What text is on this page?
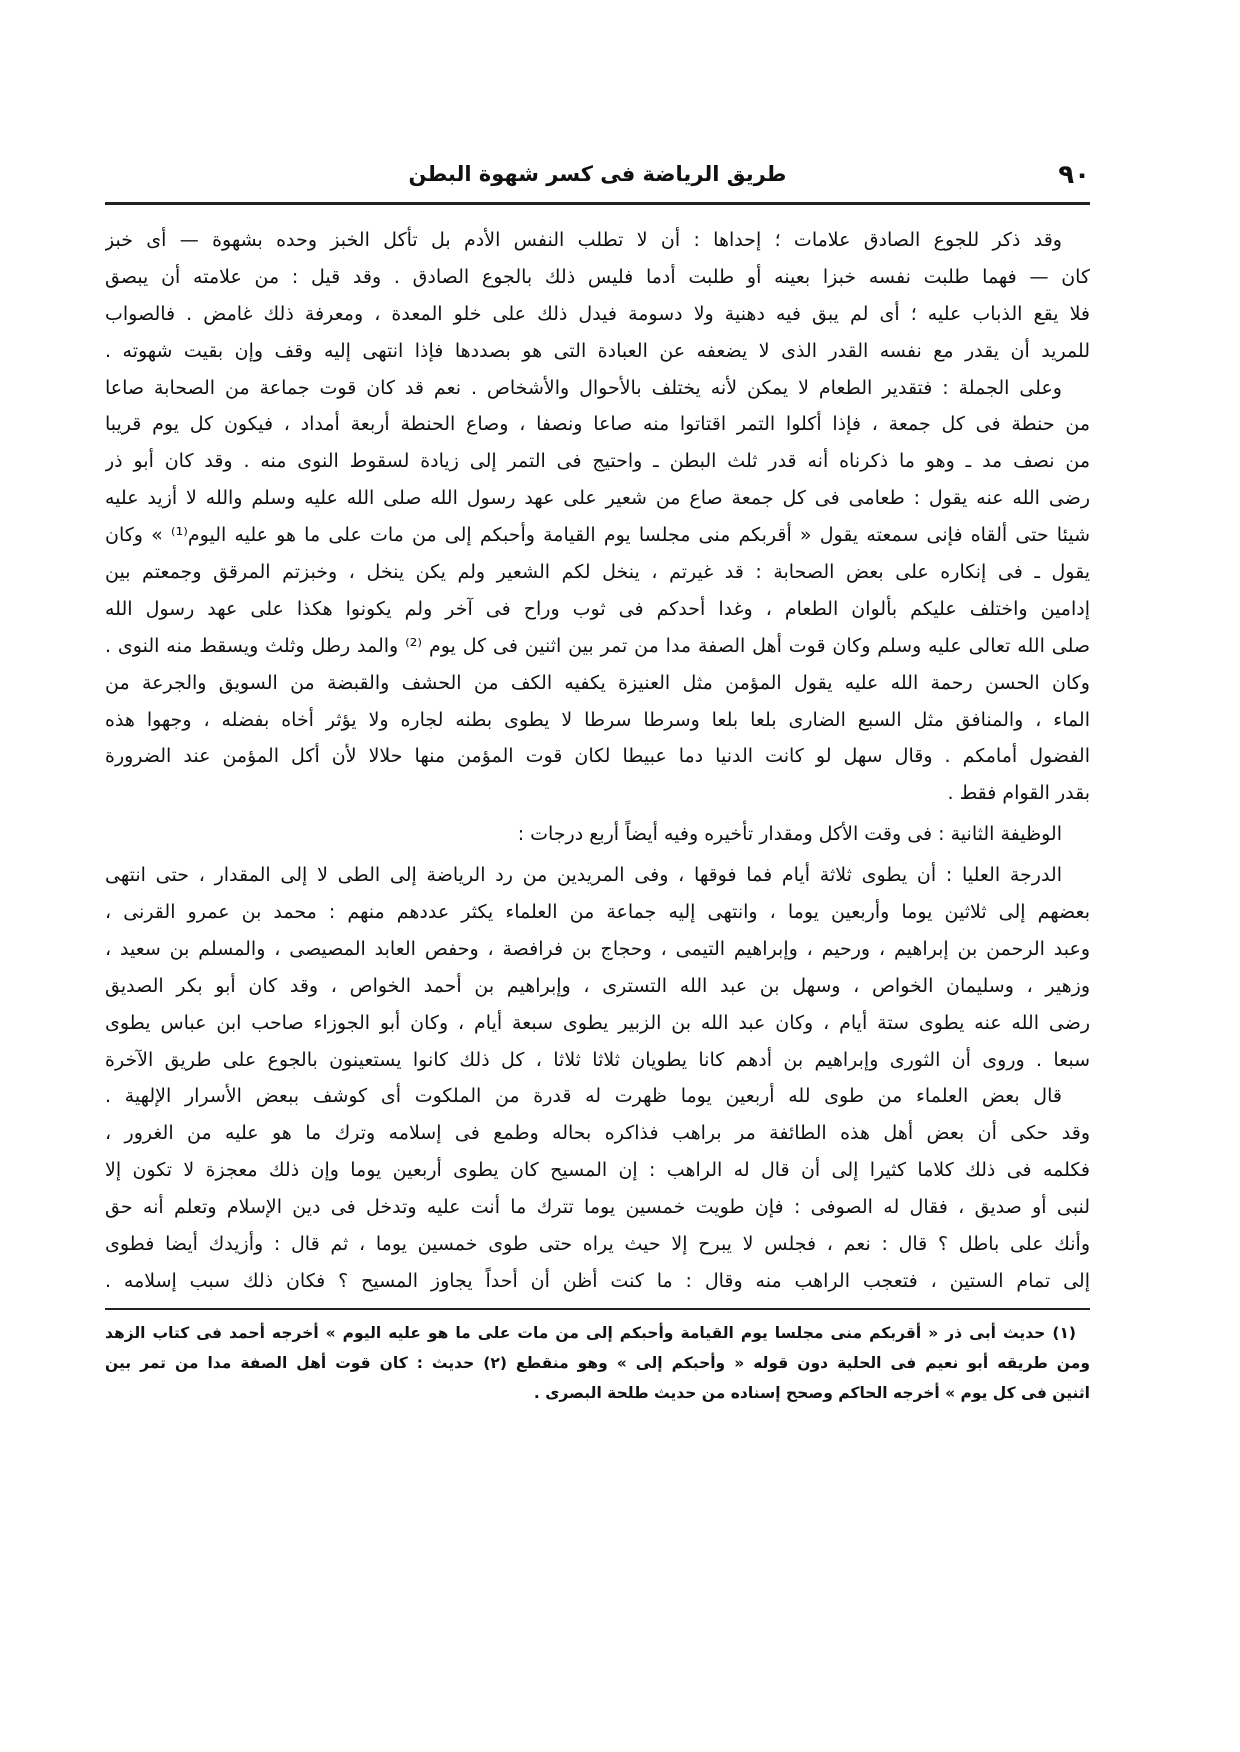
٩٠
طريق الرياضة فى كسر شهوة البطن
وقد ذكر للجوع الصادق علامات ؛ إحداها : أن لا تطلب النفس الأدم بل تأكل الخبز وحده بشهوة — أى خبز
كان — فهما طلبت نفسه خبزا بعينه أو طلبت أدما فليس ذلك بالجوع الصادق . وقد قيل : من علامته أن يبصق
فلا يقع الذباب عليه ؛ أى لم يبق فيه دهنية ولا دسومة فيدل ذلك على خلو المعدة ، ومعرفة ذلك غامض . فالصواب
للمريد أن يقدر مع نفسه القدر الذى لا يضعفه عن العبادة التى هو بصددها فإذا انتهى إليه وقف وإن بقيت شهوته .
وعلى الجملة : فتقدير الطعام لا يمكن لأنه يختلف بالأحوال والأشخاص . نعم قد كان قوت جماعة من الصحابة صاعا
من حنطة فى كل جمعة ، فإذا أكلوا التمر اقتاتوا منه صاعا ونصفا ، وصاع الحنطة أربعة أمداد ، فيكون كل يوم قريبا
من نصف مد ـ وهو ما ذكرناه أنه قدر ثلث البطن ـ واحتيج فى التمر إلى زيادة لسقوط النوى منه . وقد كان أبو ذر
رضى الله عنه يقول : طعامى فى كل جمعة صاع من شعير على عهد رسول الله صلى الله عليه وسلم والله لا أزيد عليه
شيئا حتى ألقاه فإنى سمعته يقول « أقربكم منى مجلسا يوم القيامة وأحبكم إلى من مات على ما هو عليه اليوم⁽¹⁾ » وكان
يقول ـ فى إنكاره على بعض الصحابة : قد غيرتم ، ينخل لكم الشعير ولم يكن ينخل ، وخبزتم المرقق وجمعتم بين
إدامين واختلف عليكم بألوان الطعام ، وغدا أحدكم فى ثوب وراح فى آخر ولم يكونوا هكذا على عهد رسول الله
صلى الله تعالى عليه وسلم وكان قوت أهل الصفة مدا من تمر بين اثنين فى كل يوم ⁽²⁾ والمد رطل وثلث ويسقط منه النوى .
وكان الحسن رحمة الله عليه يقول المؤمن مثل العنيزة يكفيه الكف من الحشف والقبضة من السويق والجرعة من
الماء ، والمنافق مثل السبع الضارى بلعا بلعا وسرطا سرطا لا يطوى بطنه لجاره ولا يؤثر أخاه بفضله ، وجهوا هذه
الفضول أمامكم . وقال سهل لو كانت الدنيا دما عبيطا لكان قوت المؤمن منها حلالا لأن أكل المؤمن عند الضرورة
بقدر القوام فقط .
الوظيفة الثانية : فى وقت الأكل ومقدار تأخيره وفيه أيضاً أربع درجات :
الدرجة العليا : أن يطوى ثلاثة أيام فما فوقها ، وفى المريدين من رد الرياضة إلى الطى لا إلى المقدار ، حتى انتهى
بعضهم إلى ثلاثين يوما وأربعين يوما ، وانتهى إليه جماعة من العلماء يكثر عددهم منهم : محمد بن عمرو القرنى ،
وعبد الرحمن بن إبراهيم ، ورحيم ، وإبراهيم التيمى ، وحجاج بن فرافصة ، وحفص العابد المصيصى ، والمسلم بن سعيد ،
وزهير ، وسليمان الخواص ، وسهل بن عبد الله التسترى ، وإبراهيم بن أحمد الخواص ، وقد كان أبو بكر الصديق
رضى الله عنه يطوى ستة أيام ، وكان عبد الله بن الزبير يطوى سبعة أيام ، وكان أبو الجوزاء صاحب ابن عباس يطوى
سبعا . وروى أن الثورى وإبراهيم بن أدهم كانا يطويان ثلاثا ثلاثا ، كل ذلك كانوا يستعينون بالجوع على طريق الآخرة
قال بعض العلماء من طوى لله أربعين يوما ظهرت له قدرة من الملكوت أى كوشف ببعض الأسرار الإلهية .
وقد حكى أن بعض أهل هذه الطائفة مر براهب فذاكره بحاله وطمع فى إسلامه وترك ما هو عليه من الغرور ،
فكلمه فى ذلك كلاما كثيرا إلى أن قال له الراهب : إن المسيح كان يطوى أربعين يوما وإن ذلك معجزة لا تكون إلا
لنبى أو صديق ، فقال له الصوفى : فإن طويت خمسين يوما تترك ما أنت عليه وتدخل فى دين الإسلام وتعلم أنه حق
وأنك على باطل ؟ قال : نعم ، فجلس لا يبرح إلا حيث يراه حتى طوى خمسين يوما ، ثم قال : وأزيدك أيضا فطوى
إلى تمام الستين ، فتعجب الراهب منه وقال : ما كنت أظن أن أحداً يجاوز المسيح ؟ فكان ذلك سبب إسلامه .
(١) حديث أبى ذر « أقربكم منى مجلسا يوم القيامة وأحبكم إلى من مات على ما هو عليه اليوم » أخرجه أحمد فى كتاب الزهد
ومن طريقه أبو نعيم فى الحلية دون قوله « وأحبكم إلى » وهو منقطع (٢) حديث : كان قوت أهل الصفة مدا من تمر بين
اثنين فى كل يوم » أخرجه الحاكم وصحح إسناده من حديث طلحة البصرى .
